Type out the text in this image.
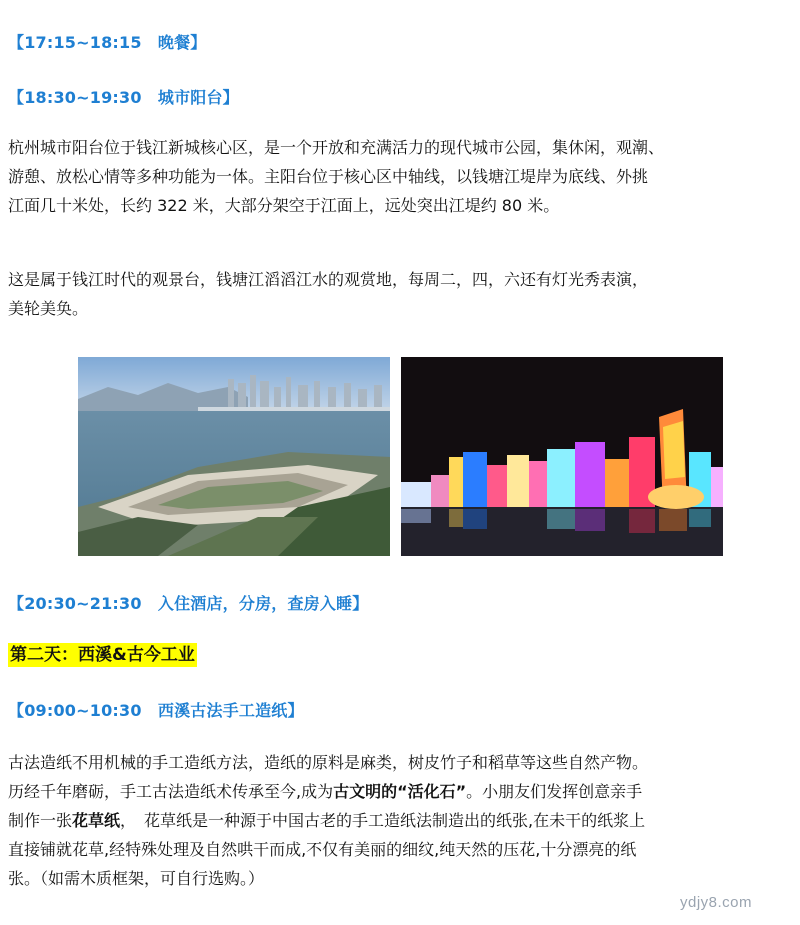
【17:15~18:15　晚餐】
【18:30~19:30　城市阳台】
杭州城市阳台位于钱江新城核心区，是一个开放和充满活力的现代城市公园，集休闲，观潮、
游憩、放松心情等多种功能为一体。主阳台位于核心区中轴线，以钱塘江堤岸为底线、外挑
江面几十米处，长约 322 米，大部分架空于江面上，远处突出江堤约 80 米。
这是属于钱江时代的观景台，钱塘江滔滔江水的观赏地，每周二，四，六还有灯光秀表演，
美轮美奂。
【20:30~21:30　入住酒店，分房，查房入睡】
第二天：西溪&古今工业
【09:00~10:30　西溪古法手工造纸】
古法造纸不用机械的手工造纸方法，造纸的原料是麻类，树皮竹子和稻草等这些自然产物。
历经千年磨砺，手工古法造纸术传承至今,成为古文明的“活化石”。小朋友们发挥创意亲手
制作一张花草纸，　花草纸是一种源于中国古老的手工造纸法制造出的纸张,在未干的纸浆上
直接铺就花草,经特殊处理及自然哄干而成,不仅有美丽的细纹,纯天然的压花,十分漂亮的纸
张。（如需木质框架，可自行选购。）
ydjy8.com
